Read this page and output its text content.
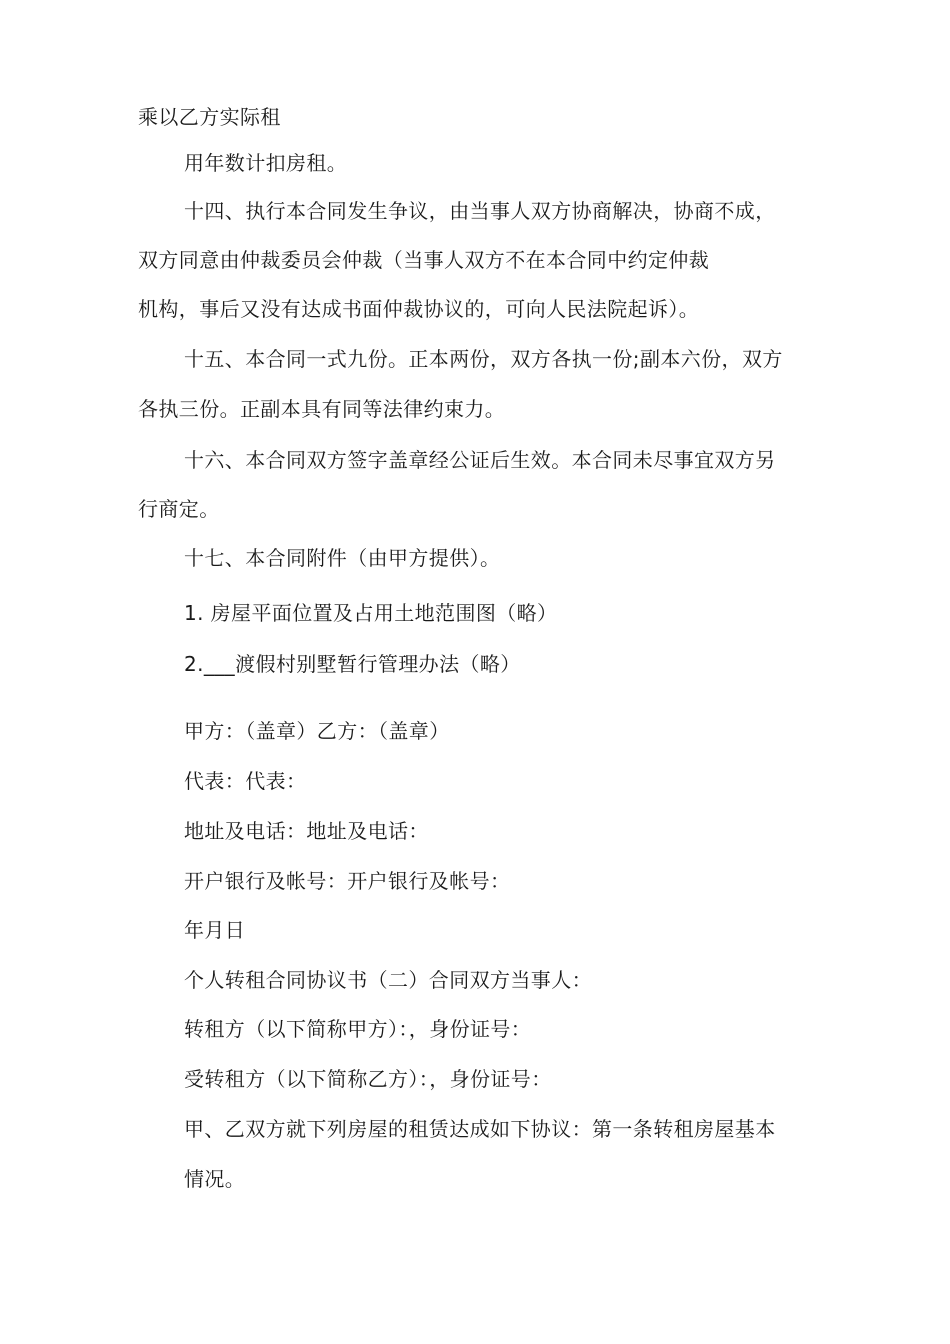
乘以乙方实际租
用年数计扣房租。
十四、执行本合同发生争议，由当事人双方协商解决，协商不成，
双方同意由仲裁委员会仲裁（当事人双方不在本合同中约定仲裁
机构，事后又没有达成书面仲裁协议的，可向人民法院起诉）。
十五、本合同一式九份。正本两份，双方各执一份;副本六份，双方
各执三份。正副本具有同等法律约束力。
十六、本合同双方签字盖章经公证后生效。本合同未尽事宜双方另
行商定。
十七、本合同附件（由甲方提供）。
1. 房屋平面位置及占用土地范围图（略）
2.___渡假村别墅暂行管理办法（略）
甲方：（盖章）乙方：（盖章）
代表：代表：
地址及电话：地址及电话：
开户银行及帐号：开户银行及帐号：
年月日
个人转租合同协议书（二）合同双方当事人：
转租方（以下简称甲方）：，身份证号：
受转租方（以下简称乙方）：，身份证号：
甲、乙双方就下列房屋的租赁达成如下协议：第一条转租房屋基本
情况。
